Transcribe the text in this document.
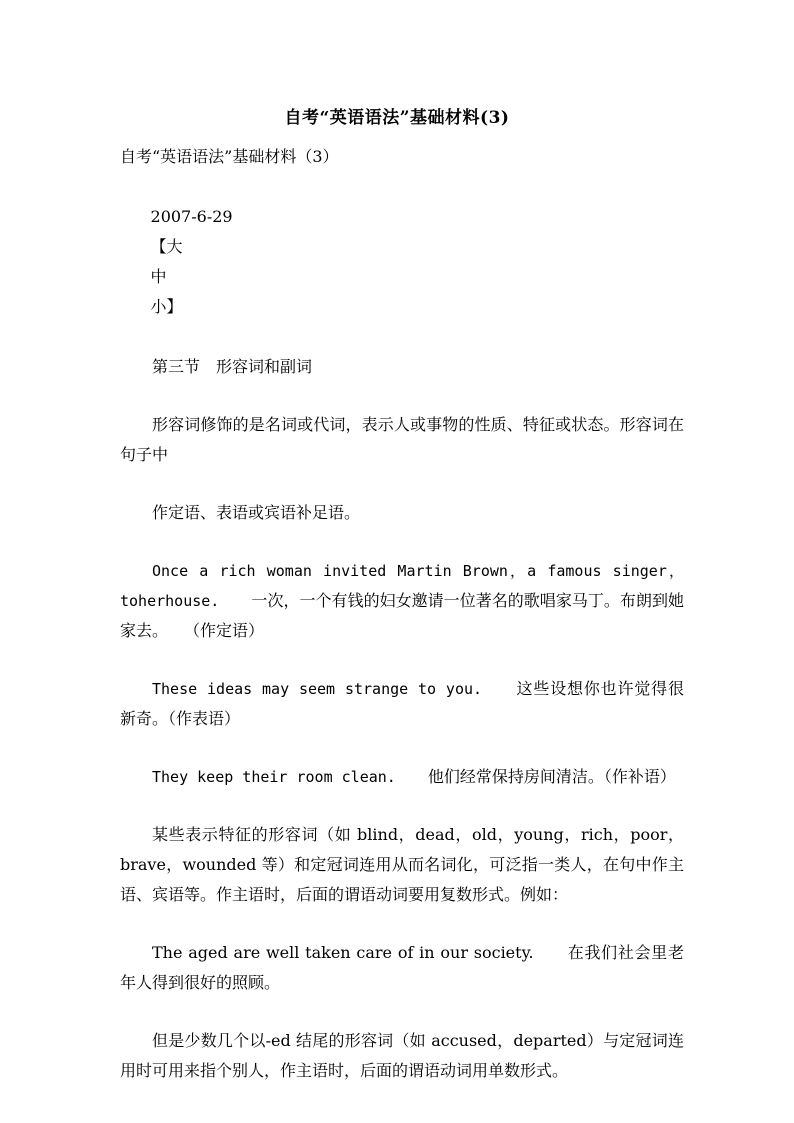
自考“英语语法”基础材料(3)
自考“英语语法”基础材料（3）

2007-6-29
【大
中
小】

第三节　形容词和副词

形容词修饰的是名词或代词，表示人或事物的性质、特征或状态。形容词在句子中

作定语、表语或宾语补足语。

Once a rich woman invited Martin Brown，a famous singer，toherhouse.　　 一次，一个有钱的妇女邀请一位著名的歌唱家马丁。布朗到她家去。　　（作定语）

These ideas may seem strange to you.　　 这些设想你也许觉得很新奇。（作表语）

They keep their room clean.　　 他们经常保持房间清洁。（作补语）

某些表示特征的形容词（如 blind，dead，old，young，rich，poor，brave，wounded 等）和定冠词连用从而名词化，可泛指一类人，在句中作主语、宾语等。作主语时，后面的谓语动词要用复数形式。例如：

The aged are well taken care of in our society.　　 在我们社会里老年人得到很好的照顾。

但是少数几个以-ed 结尾的形容词（如 accused，departed）与定冠词连用时可用来指个别人，作主语时，后面的谓语动词用单数形式。
